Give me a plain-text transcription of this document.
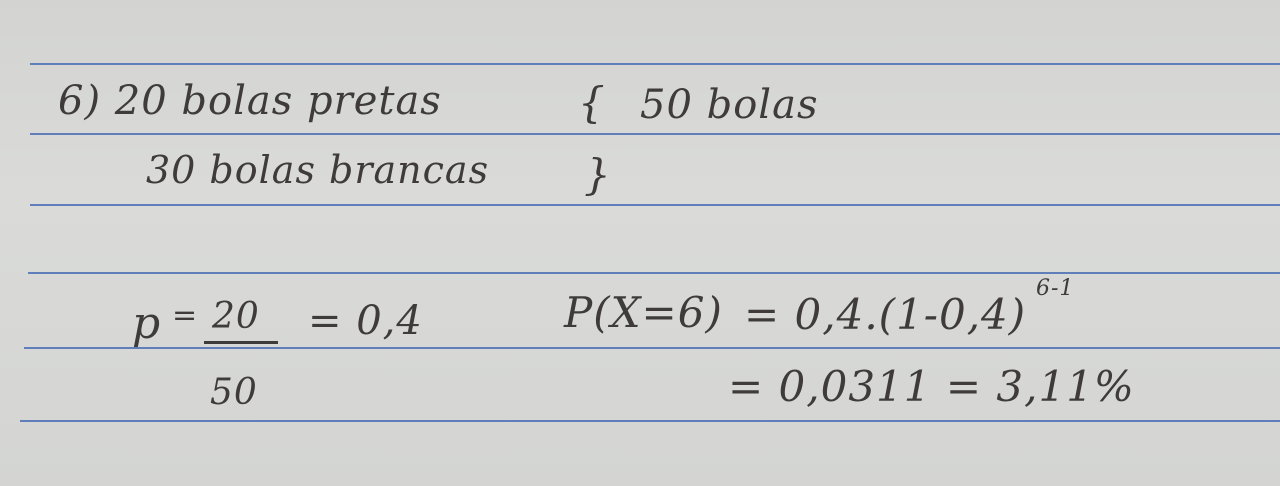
6) 20 bolas pretas
30 bolas brancas
{
}
50 bolas
p = 20
50
= 0,4	P(X=6) = 0,4.(1-0,4)
6-1
= 0,0311 = 3,11%
